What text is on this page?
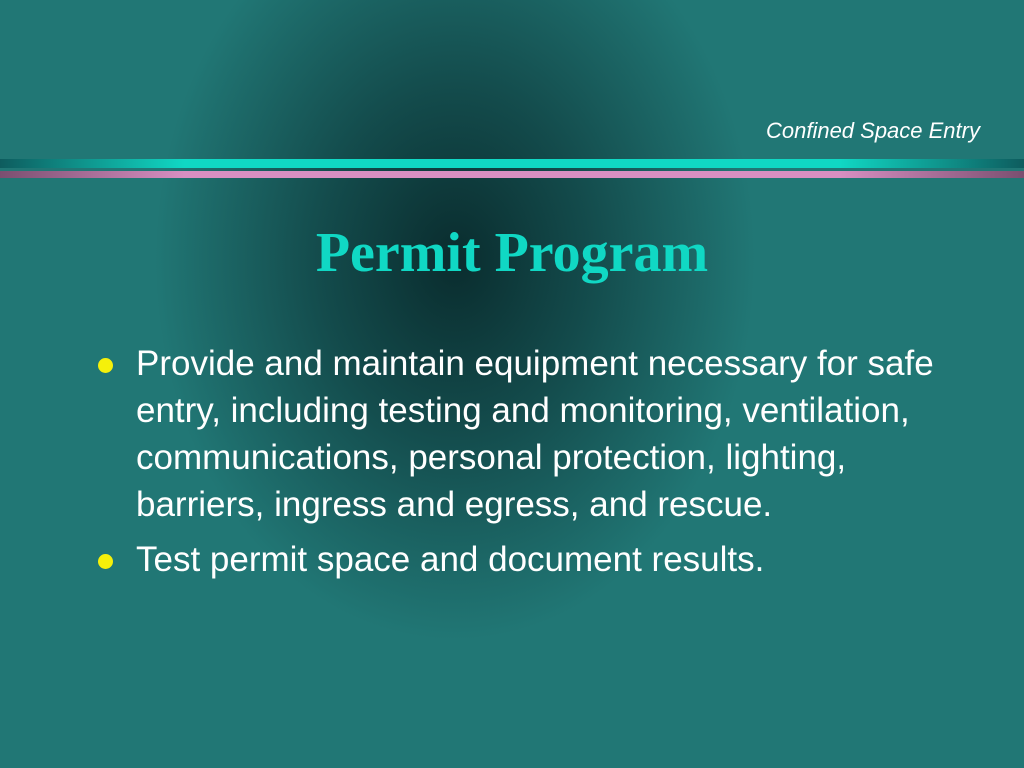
Confined Space Entry

Permit Program
Provide and maintain equipment necessary for safe entry, including testing and monitoring, ventilation, communications, personal protection, lighting, barriers, ingress and egress, and rescue.
Test permit space and document results.
